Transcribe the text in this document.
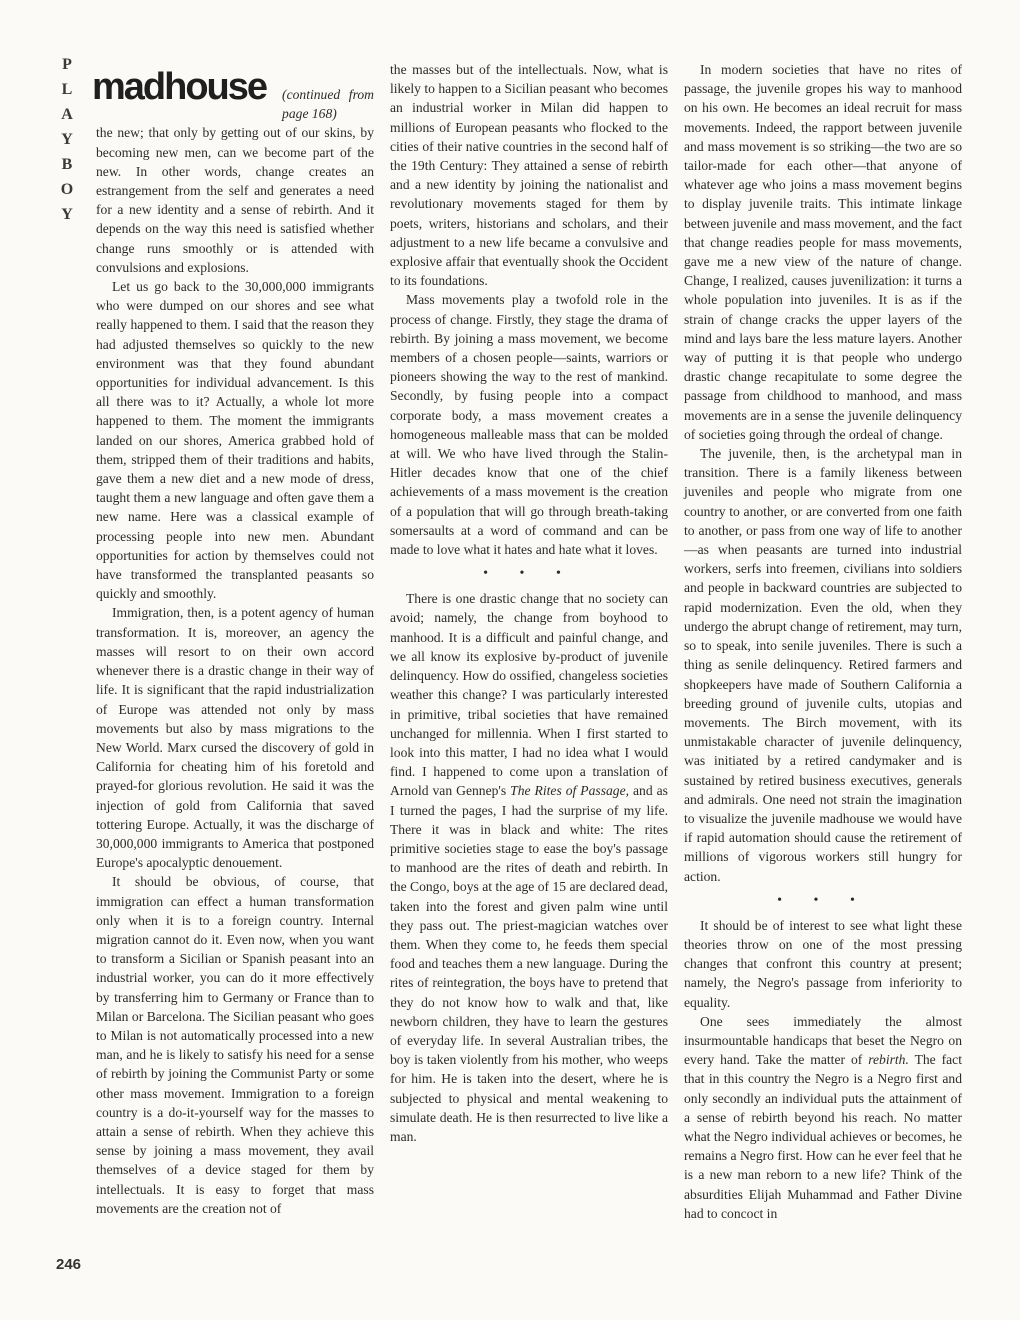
P
L
A
Y
B
O
Y
246
madhouse (continued from page 168)

the new; that only by getting out of our skins, by becoming new men, can we become part of the new. In other words, change creates an estrangement from the self and generates a need for a new identity and a sense of rebirth. And it depends on the way this need is satisfied whether change runs smoothly or is attended with convulsions and explosions.

Let us go back to the 30,000,000 immigrants who were dumped on our shores and see what really happened to them. I said that the reason they had adjusted themselves so quickly to the new environment was that they found abundant opportunities for individual advancement. Is this all there was to it? Actually, a whole lot more happened to them. The moment the immigrants landed on our shores, America grabbed hold of them, stripped them of their traditions and habits, gave them a new diet and a new mode of dress, taught them a new language and often gave them a new name. Here was a classical example of processing people into new men. Abundant opportunities for action by themselves could not have transformed the transplanted peasants so quickly and smoothly.

Immigration, then, is a potent agency of human transformation. It is, moreover, an agency the masses will resort to on their own accord whenever there is a drastic change in their way of life. It is significant that the rapid industrialization of Europe was attended not only by mass movements but also by mass migrations to the New World. Marx cursed the discovery of gold in California for cheating him of his foretold and prayed-for glorious revolution. He said it was the injection of gold from California that saved tottering Europe. Actually, it was the discharge of 30,000,000 immigrants to America that postponed Europe's apocalyptic denouement.

It should be obvious, of course, that immigration can effect a human transformation only when it is to a foreign country. Internal migration cannot do it. Even now, when you want to transform a Sicilian or Spanish peasant into an industrial worker, you can do it more effectively by transferring him to Germany or France than to Milan or Barcelona. The Sicilian peasant who goes to Milan is not automatically processed into a new man, and he is likely to satisfy his need for a sense of rebirth by joining the Communist Party or some other mass movement. Immigration to a foreign country is a do-it-yourself way for the masses to attain a sense of rebirth. When they achieve this sense by joining a mass movement, they avail themselves of a device staged for them by intellectuals. It is easy to forget that mass movements are the creation not of

the masses but of the intellectuals. Now, what is likely to happen to a Sicilian peasant who becomes an industrial worker in Milan did happen to millions of European peasants who flocked to the cities of their native countries in the second half of the 19th Century: They attained a sense of rebirth and a new identity by joining the nationalist and revolutionary movements staged for them by poets, writers, historians and scholars, and their adjustment to a new life became a convulsive and explosive affair that eventually shook the Occident to its foundations.

Mass movements play a twofold role in the process of change. Firstly, they stage the drama of rebirth. By joining a mass movement, we become members of a chosen people—saints, warriors or pioneers showing the way to the rest of mankind. Secondly, by fusing people into a compact corporate body, a mass movement creates a homogeneous malleable mass that can be molded at will. We who have lived through the Stalin-Hitler decades know that one of the chief achievements of a mass movement is the creation of a population that will go through breath-taking somersaults at a word of command and can be made to love what it hates and hate what it loves.

• • •

There is one drastic change that no society can avoid; namely, the change from boyhood to manhood. It is a difficult and painful change, and we all know its explosive by-product of juvenile delinquency. How do ossified, changeless societies weather this change? I was particularly interested in primitive, tribal societies that have remained unchanged for millennia. When I first started to look into this matter, I had no idea what I would find. I happened to come upon a translation of Arnold van Gennep's The Rites of Passage, and as I turned the pages, I had the surprise of my life. There it was in black and white: The rites primitive societies stage to ease the boy's passage to manhood are the rites of death and rebirth. In the Congo, boys at the age of 15 are declared dead, taken into the forest and given palm wine until they pass out. The priest-magician watches over them. When they come to, he feeds them special food and teaches them a new language. During the rites of reintegration, the boys have to pretend that they do not know how to walk and that, like newborn children, they have to learn the gestures of everyday life. In several Australian tribes, the boy is taken violently from his mother, who weeps for him. He is taken into the desert, where he is subjected to physical and mental weakening to simulate death. He is then resurrected to live like a man.

In modern societies that have no rites of passage, the juvenile gropes his way to manhood on his own. He becomes an ideal recruit for mass movements. Indeed, the rapport between juvenile and mass movement is so striking—the two are so tailor-made for each other—that anyone of whatever age who joins a mass movement begins to display juvenile traits. This intimate linkage between juvenile and mass movement, and the fact that change readies people for mass movements, gave me a new view of the nature of change. Change, I realized, causes juvenilization: it turns a whole population into juveniles. It is as if the strain of change cracks the upper layers of the mind and lays bare the less mature layers. Another way of putting it is that people who undergo drastic change recapitulate to some degree the passage from childhood to manhood, and mass movements are in a sense the juvenile delinquency of societies going through the ordeal of change.

The juvenile, then, is the archetypal man in transition. There is a family likeness between juveniles and people who migrate from one country to another, or are converted from one faith to another, or pass from one way of life to another—as when peasants are turned into industrial workers, serfs into freemen, civilians into soldiers and people in backward countries are subjected to rapid modernization. Even the old, when they undergo the abrupt change of retirement, may turn, so to speak, into senile juveniles. There is such a thing as senile delinquency. Retired farmers and shopkeepers have made of Southern California a breeding ground of juvenile cults, utopias and movements. The Birch movement, with its unmistakable character of juvenile delinquency, was initiated by a retired candymaker and is sustained by retired business executives, generals and admirals. One need not strain the imagination to visualize the juvenile madhouse we would have if rapid automation should cause the retirement of millions of vigorous workers still hungry for action.

• • •

It should be of interest to see what light these theories throw on one of the most pressing changes that confront this country at present; namely, the Negro's passage from inferiority to equality.

One sees immediately the almost insurmountable handicaps that beset the Negro on every hand. Take the matter of rebirth. The fact that in this country the Negro is a Negro first and only secondly an individual puts the attainment of a sense of rebirth beyond his reach. No matter what the Negro individual achieves or becomes, he remains a Negro first. How can he ever feel that he is a new man reborn to a new life? Think of the absurdities Elijah Muhammad and Father Divine had to concoct in
